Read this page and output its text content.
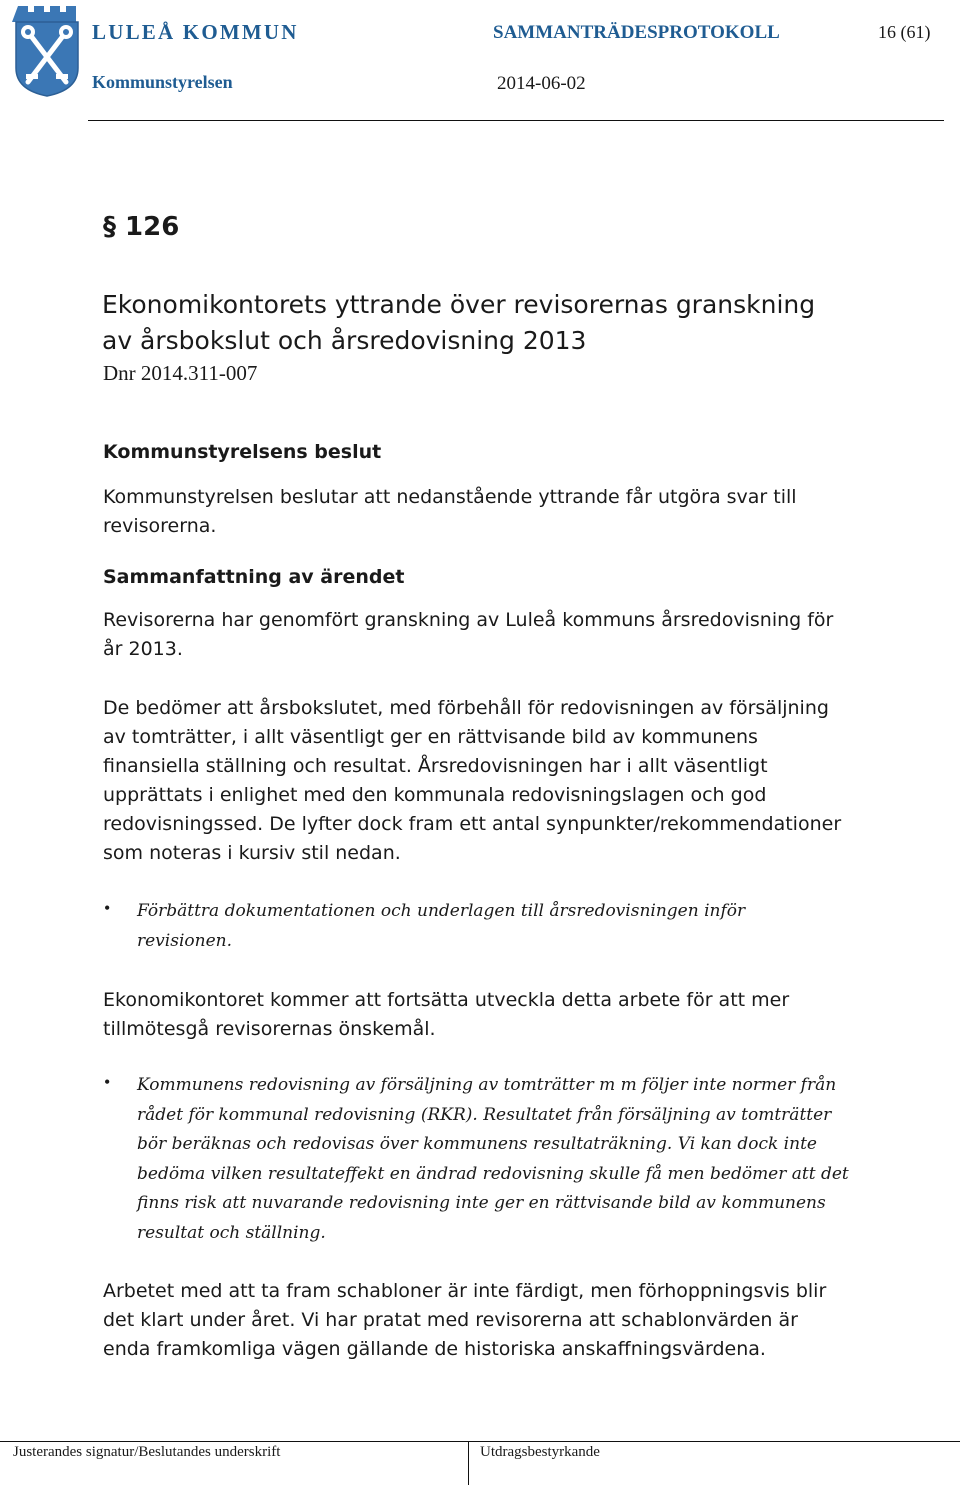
LULEÅ KOMMUN
Kommunstyrelsen
SAMMANTRÄDESPROTOKOLL	16 (61)
2014-06-02
§ 126
Ekonomikontorets yttrande över revisorernas granskning
av årsbokslut och årsredovisning 2013
Dnr 2014.311-007
Kommunstyrelsens beslut
Kommunstyrelsen beslutar att nedanstående yttrande får utgöra svar till
revisorerna.
Sammanfattning av ärendet
Revisorerna har genomfört granskning av Luleå kommuns årsredovisning för
år 2013.
De bedömer att årsbokslutet, med förbehåll för redovisningen av försäljning
av tomträtter, i allt väsentligt ger en rättvisande bild av kommunens
finansiella ställning och resultat. Årsredovisningen har i allt väsentligt
upprättats i enlighet med den kommunala redovisningslagen och god
redovisningssed. De lyfter dock fram ett antal synpunkter/rekommendationer
som noteras i kursiv stil nedan.
• Förbättra dokumentationen och underlagen till årsredovisningen inför
revisionen.
Ekonomikontoret kommer att fortsätta utveckla detta arbete för att mer
tillmötesgå revisorernas önskemål.
• Kommunens redovisning av försäljning av tomträtter m m följer inte normer från
rådet för kommunal redovisning (RKR). Resultatet från försäljning av tomträtter
bör beräknas och redovisas över kommunens resultaträkning. Vi kan dock inte
bedöma vilken resultateffekt en ändrad redovisning skulle få men bedömer att det
finns risk att nuvarande redovisning inte ger en rättvisande bild av kommunens
resultat och ställning.
Arbetet med att ta fram schabloner är inte färdigt, men förhoppningsvis blir
det klart under året. Vi har pratat med revisorerna att schablonvärden är
enda framkomliga vägen gällande de historiska anskaffningsvärdena.
Justerandes signatur/Beslutandes underskrift	Utdragsbestyrkande
